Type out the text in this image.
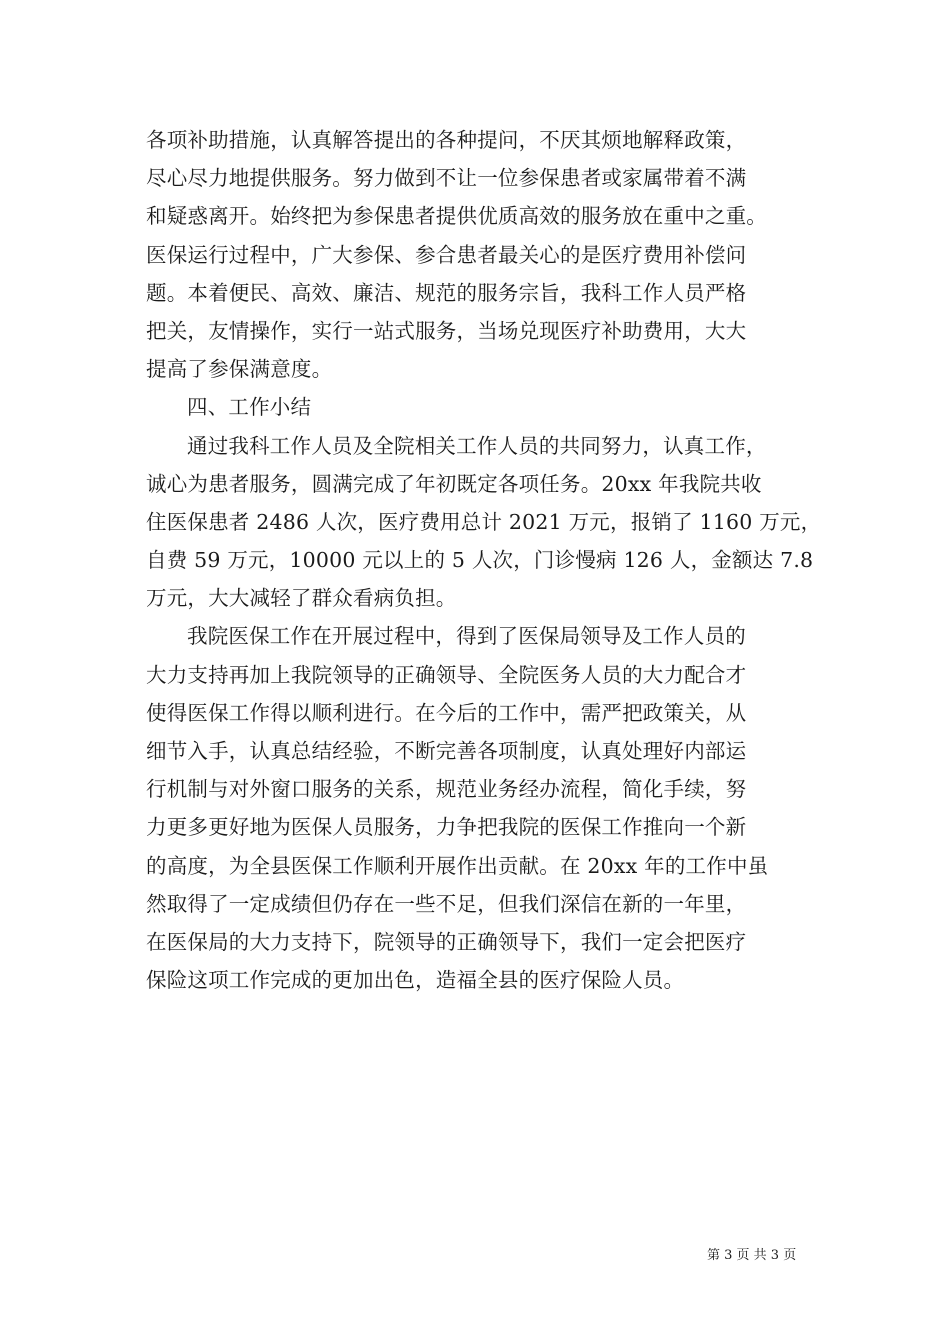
各项补助措施，认真解答提出的各种提问，不厌其烦地解释政策，
尽心尽力地提供服务。努力做到不让一位参保患者或家属带着不满
和疑惑离开。始终把为参保患者提供优质高效的服务放在重中之重。
医保运行过程中，广大参保、参合患者最关心的是医疗费用补偿问
题。本着便民、高效、廉洁、规范的服务宗旨，我科工作人员严格
把关，友情操作，实行一站式服务，当场兑现医疗补助费用，大大
提高了参保满意度。
四、工作小结
通过我科工作人员及全院相关工作人员的共同努力，认真工作，
诚心为患者服务，圆满完成了年初既定各项任务。20xx 年我院共收
住医保患者 2486 人次，医疗费用总计 2021 万元，报销了 1160 万元，
自费 59 万元，10000 元以上的 5 人次，门诊慢病 126 人，金额达 7.8
万元，大大减轻了群众看病负担。
我院医保工作在开展过程中，得到了医保局领导及工作人员的
大力支持再加上我院领导的正确领导、全院医务人员的大力配合才
使得医保工作得以顺利进行。在今后的工作中，需严把政策关，从
细节入手，认真总结经验，不断完善各项制度，认真处理好内部运
行机制与对外窗口服务的关系，规范业务经办流程，简化手续，努
力更多更好地为医保人员服务，力争把我院的医保工作推向一个新
的高度，为全县医保工作顺利开展作出贡献。在 20xx 年的工作中虽
然取得了一定成绩但仍存在一些不足，但我们深信在新的一年里，
在医保局的大力支持下，院领导的正确领导下，我们一定会把医疗
保险这项工作完成的更加出色，造福全县的医疗保险人员。
第 3 页 共 3 页
